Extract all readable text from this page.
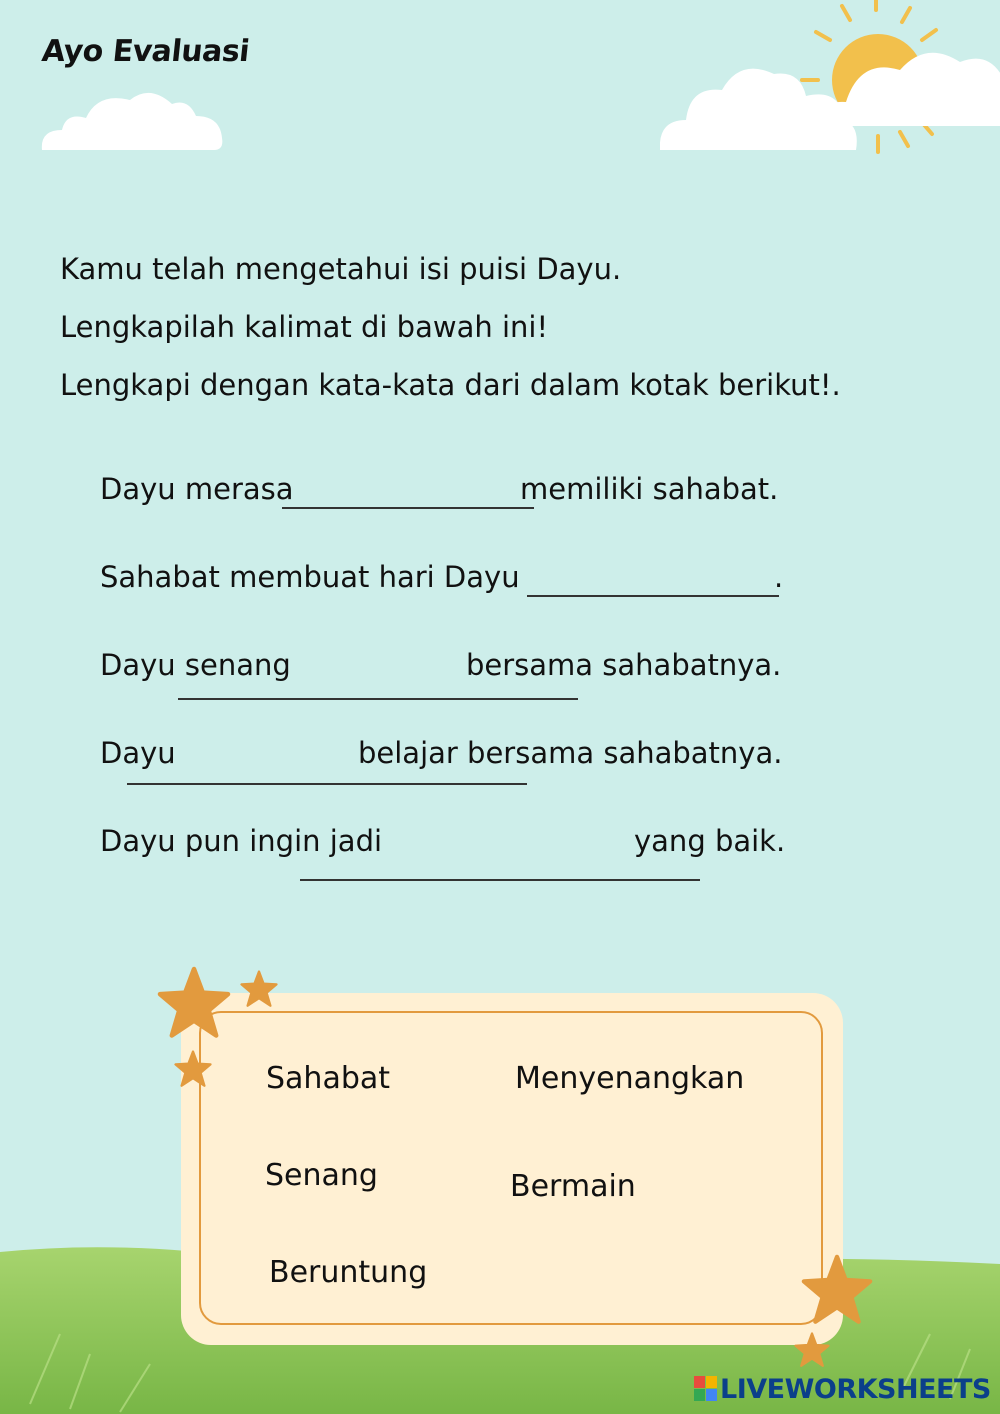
Ayo Evaluasi
Kamu telah mengetahui isi puisi Dayu.
Lengkapilah kalimat di bawah ini!
Lengkapi dengan kata-kata dari dalam kotak berikut!.
Dayu merasa	memiliki sahabat.
Sahabat membuat hari Dayu	.
Dayu senang	bersama sahabatnya.
Dayu	belajar bersama sahabatnya.
Dayu pun ingin jadi	yang baik.
Sahabat	Menyenangkan
Senang	Bermain
Beruntung
LIVEWORKSHEETS
